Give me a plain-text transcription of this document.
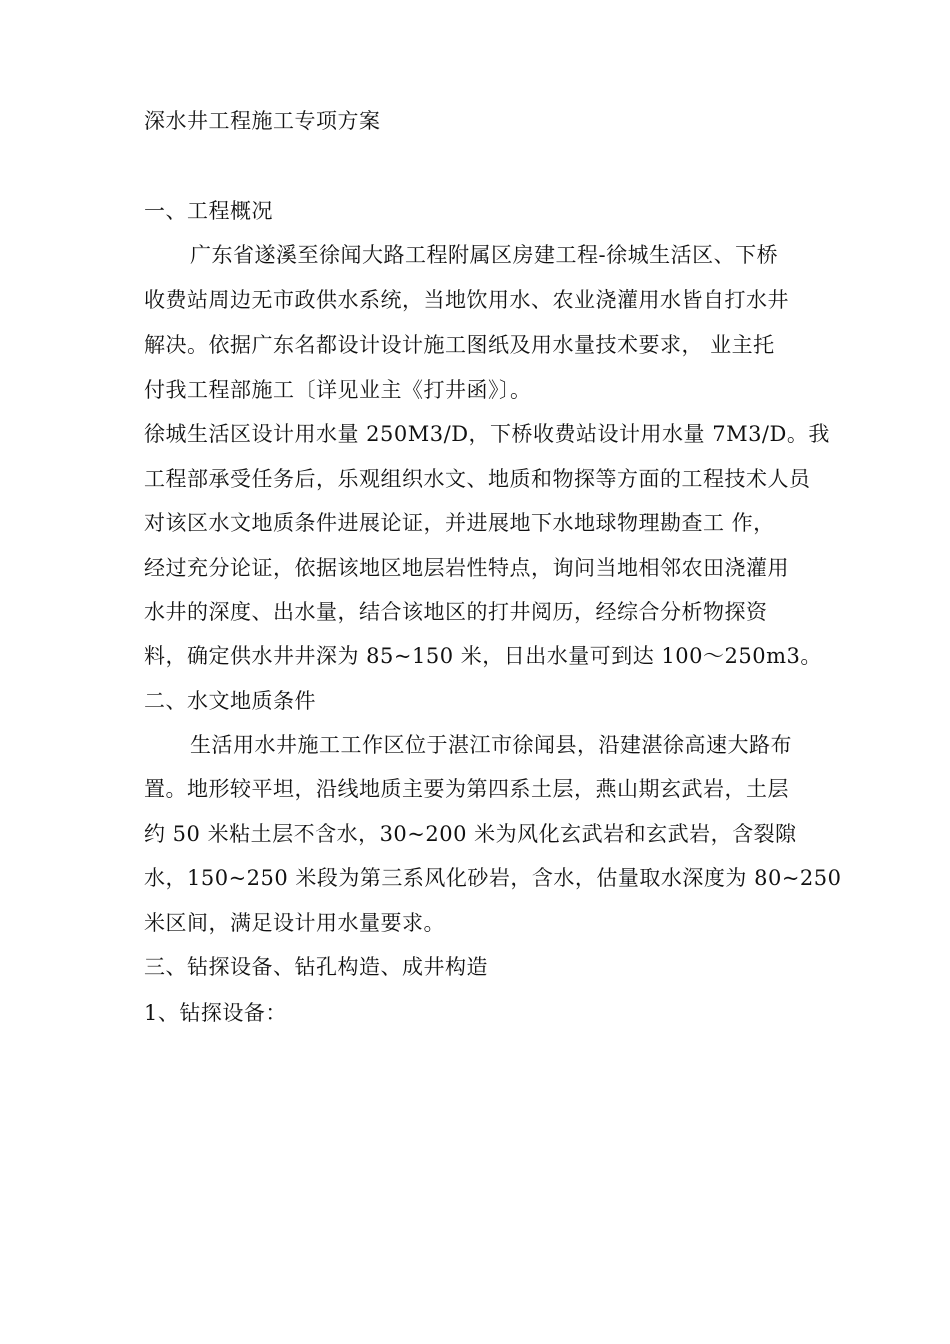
深水井工程施工专项方案
一、工程概况
广东省遂溪至徐闻大路工程附属区房建工程-徐城生活区、下桥
收费站周边无市政供水系统，当地饮用水、农业浇灌用水皆自打水井
解决。依据广东名都设计设计施工图纸及用水量技术要求， 业主托
付我工程部施工〔详见业主《打井函》〕。
徐城生活区设计用水量 250M3/D，下桥收费站设计用水量 7M3/D。我
工程部承受任务后，乐观组织水文、地质和物探等方面的工程技术人员
对该区水文地质条件进展论证，并进展地下水地球物理勘查工 作，
经过充分论证，依据该地区地层岩性特点，询问当地相邻农田浇灌用
水井的深度、出水量，结合该地区的打井阅历，经综合分析物探资
料，确定供水井井深为 85~150 米，日出水量可到达 100～250m3。
二、水文地质条件
生活用水井施工工作区位于湛江市徐闻县，沿建湛徐高速大路布
置。地形较平坦，沿线地质主要为第四系土层，燕山期玄武岩，土层
约 50 米粘土层不含水，30~200 米为风化玄武岩和玄武岩，含裂隙
水，150~250 米段为第三系风化砂岩，含水，估量取水深度为 80~250
米区间，满足设计用水量要求。
三、钻探设备、钻孔构造、成井构造
1、钻探设备：
